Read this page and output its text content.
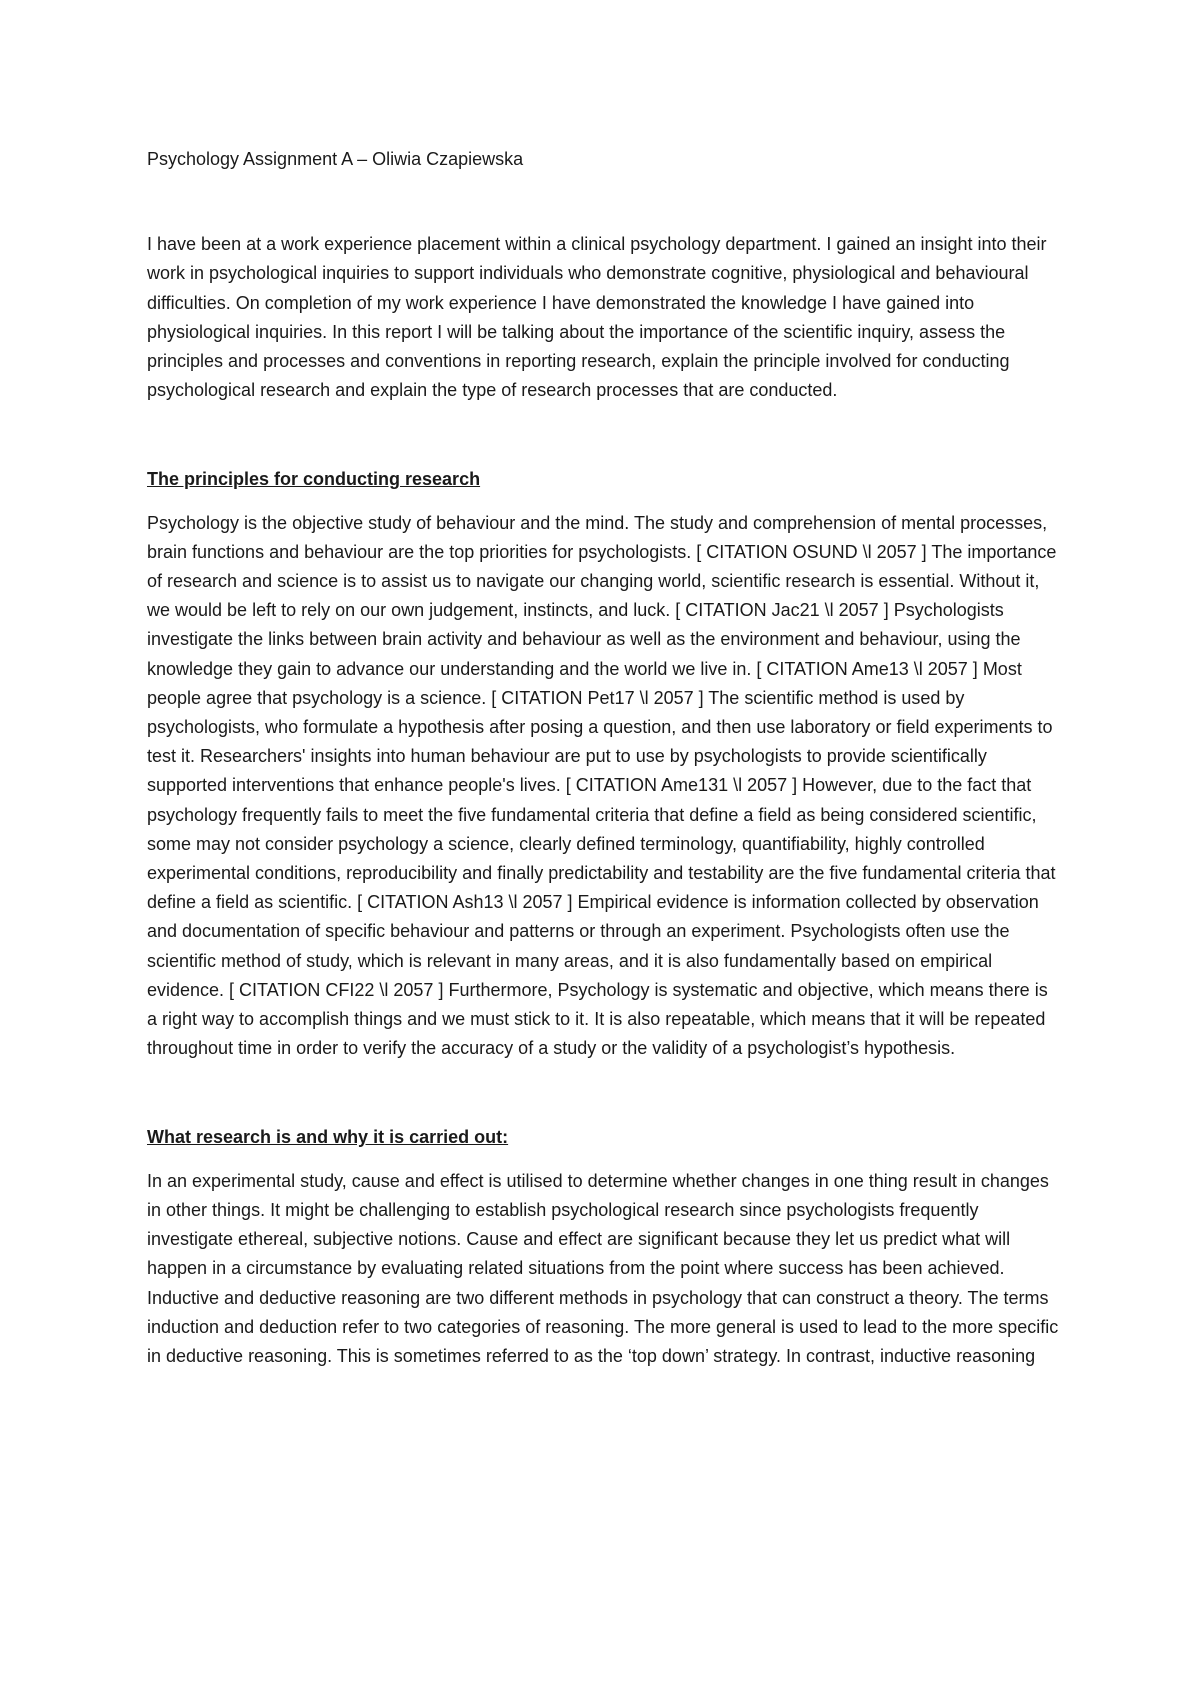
Psychology Assignment A – Oliwia Czapiewska

I have been at a work experience placement within a clinical psychology department. I gained an insight into their work in psychological inquiries to support individuals who demonstrate cognitive, physiological and behavioural difficulties. On completion of my work experience I have demonstrated the knowledge I have gained into physiological inquiries. In this report I will be talking about the importance of the scientific inquiry, assess the principles and processes and conventions in reporting research, explain the principle involved for conducting psychological research and explain the type of research processes that are conducted.

The principles for conducting research

Psychology is the objective study of behaviour and the mind. The study and comprehension of mental processes, brain functions and behaviour are the top priorities for psychologists. [ CITATION OSUND \l 2057 ] The importance of research and science is to assist us to navigate our changing world, scientific research is essential. Without it, we would be left to rely on our own judgement, instincts, and luck. [ CITATION Jac21 \l 2057 ] Psychologists investigate the links between brain activity and behaviour as well as the environment and behaviour, using the knowledge they gain to advance our understanding and the world we live in. [ CITATION Ame13 \l 2057 ] Most people agree that psychology is a science. [ CITATION Pet17 \l 2057 ] The scientific method is used by psychologists, who formulate a hypothesis after posing a question, and then use laboratory or field experiments to test it. Researchers' insights into human behaviour are put to use by psychologists to provide scientifically supported interventions that enhance people's lives. [ CITATION Ame131 \l 2057 ] However, due to the fact that psychology frequently fails to meet the five fundamental criteria that define a field as being considered scientific, some may not consider psychology a science, clearly defined terminology, quantifiability, highly controlled experimental conditions, reproducibility and finally predictability and testability are the five fundamental criteria that define a field as scientific. [ CITATION Ash13 \l 2057 ] Empirical evidence is information collected by observation and documentation of specific behaviour and patterns or through an experiment. Psychologists often use the scientific method of study, which is relevant in many areas, and it is also fundamentally based on empirical evidence. [ CITATION CFI22 \l 2057 ] Furthermore, Psychology is systematic and objective, which means there is a right way to accomplish things and we must stick to it. It is also repeatable, which means that it will be repeated throughout time in order to verify the accuracy of a study or the validity of a psychologist’s hypothesis.

What research is and why it is carried out:

In an experimental study, cause and effect is utilised to determine whether changes in one thing result in changes in other things. It might be challenging to establish psychological research since psychologists frequently investigate ethereal, subjective notions. Cause and effect are significant because they let us predict what will happen in a circumstance by evaluating related situations from the point where success has been achieved. Inductive and deductive reasoning are two different methods in psychology that can construct a theory. The terms induction and deduction refer to two categories of reasoning. The more general is used to lead to the more specific in deductive reasoning. This is sometimes referred to as the ‘top down’ strategy. In contrast, inductive reasoning
